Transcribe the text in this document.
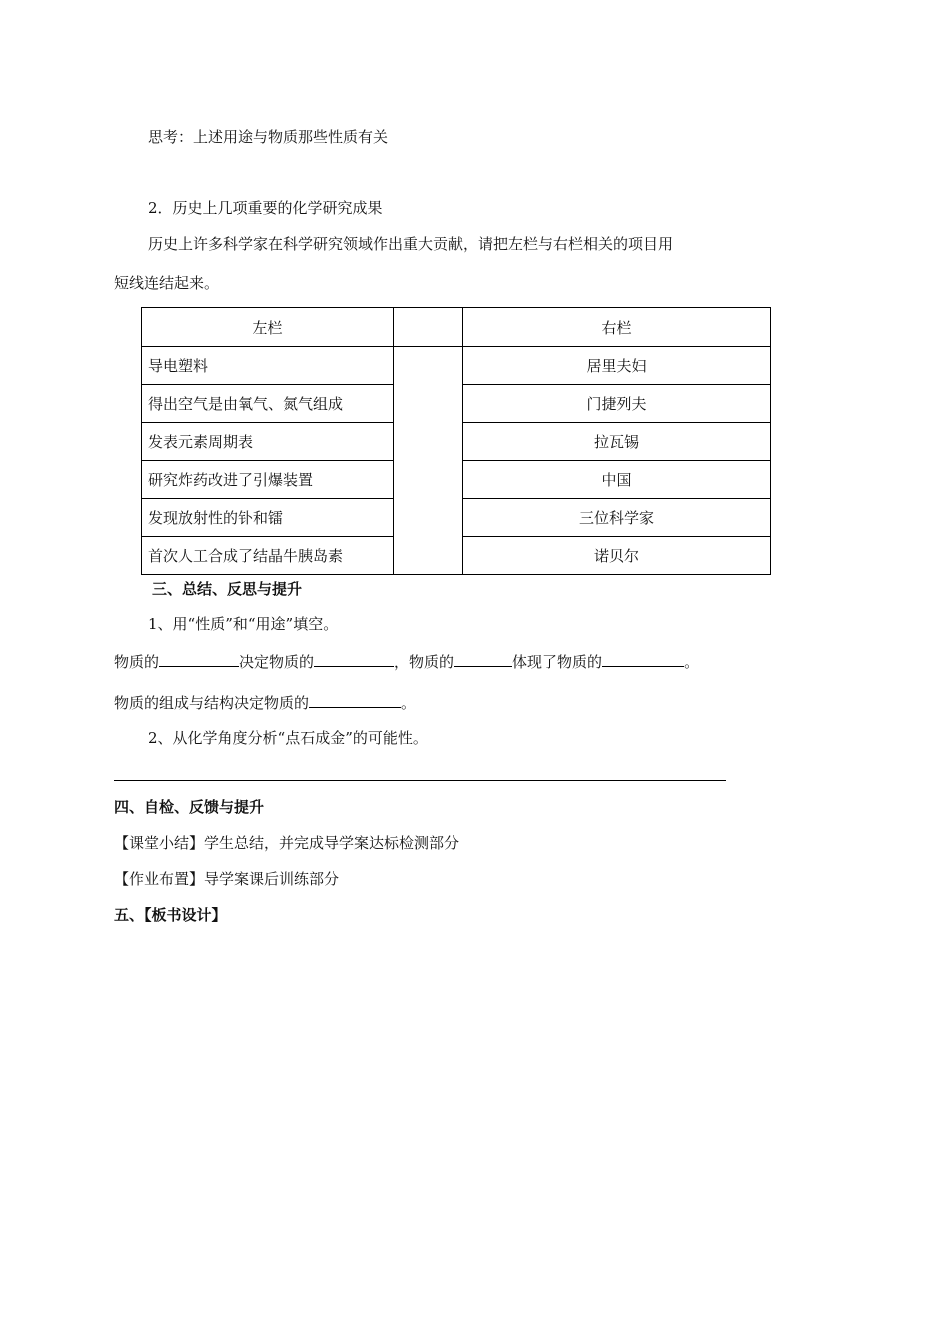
思考：上述用途与物质那些性质有关
2．历史上几项重要的化学研究成果
历史上许多科学家在科学研究领域作出重大贡献，请把左栏与右栏相关的项目用
短线连结起来。
左栏		右栏
导电塑料		居里夫妇
得出空气是由氧气、氮气组成		门捷列夫
发表元素周期表		拉瓦锡
研究炸药改进了引爆装置		中国
发现放射性的钋和镭		三位科学家
首次人工合成了结晶牛胰岛素		诺贝尔
三、总结、反思与提升
1、用“性质”和“用途”填空。
物质的	决定物质的	，物质的	体现了物质的	。
物质的组成与结构决定物质的	。
2、从化学角度分析“点石成金”的可能性。
四、自检、反馈与提升
【课堂小结】学生总结，并完成导学案达标检测部分
【作业布置】导学案课后训练部分
五、【板书设计】
